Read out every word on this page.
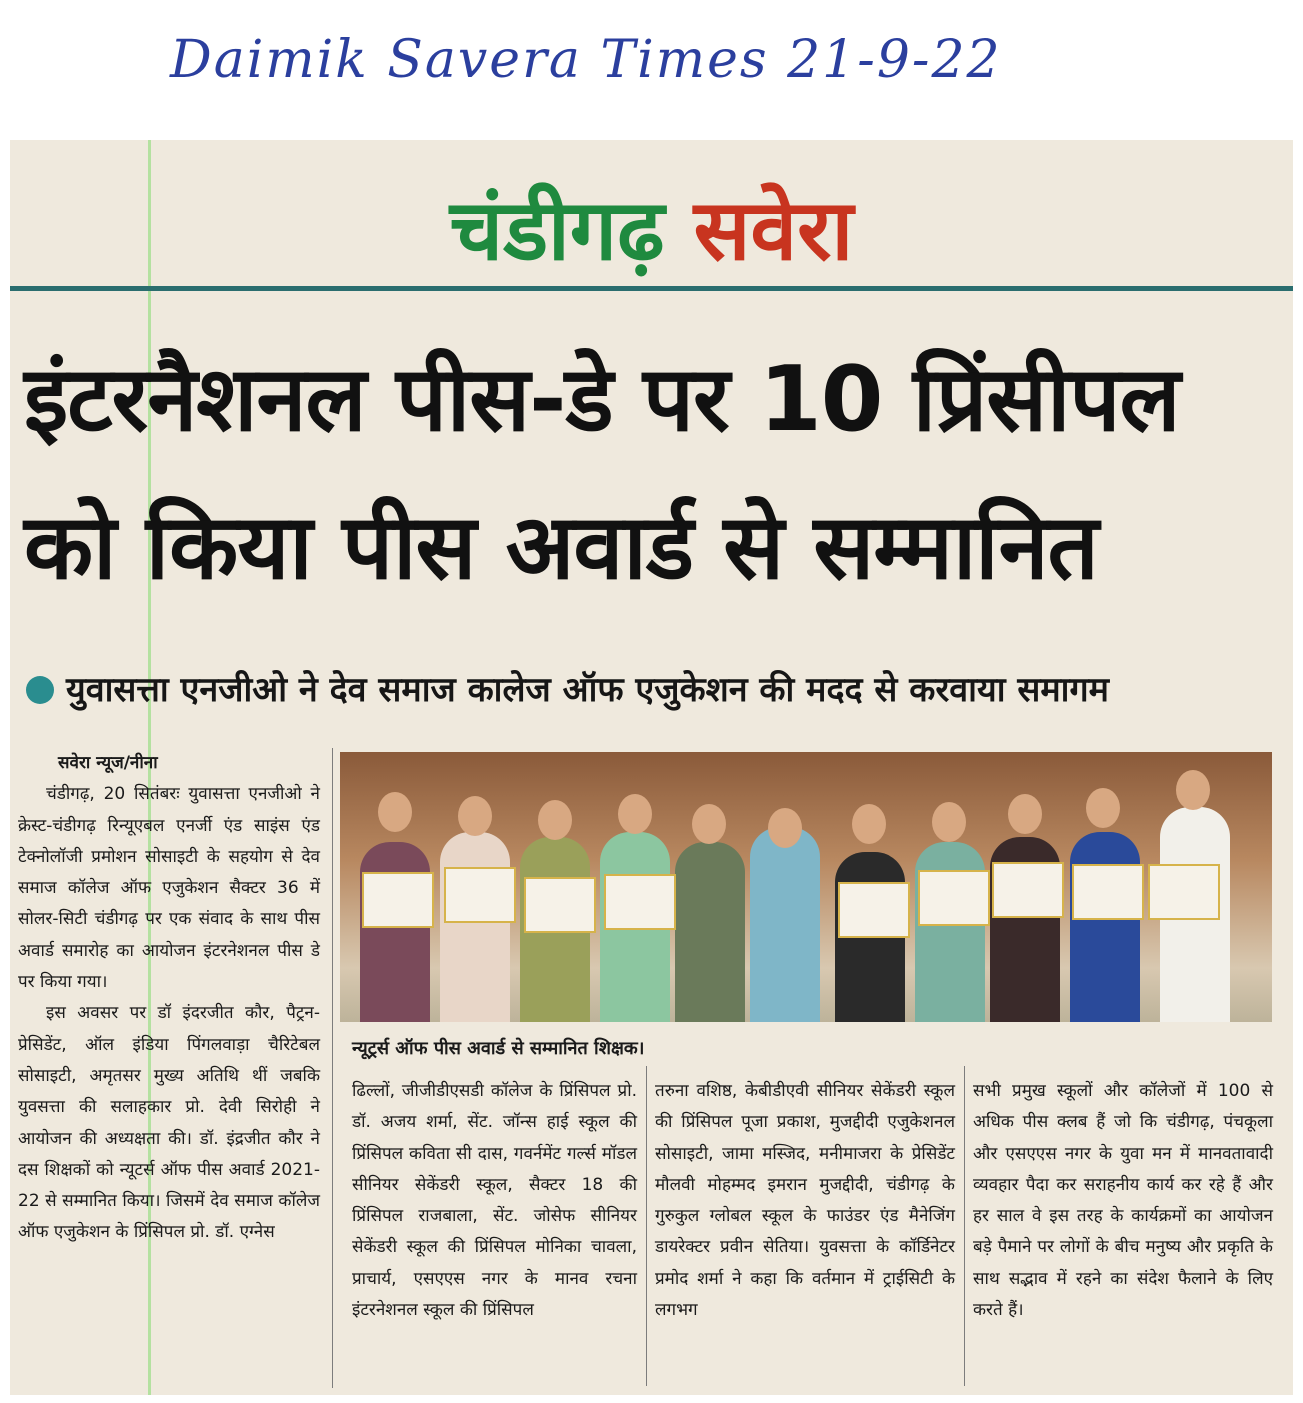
Daimik Savera Times 21-9-22
चंडीगढ़ सवेरा
इंटरनैशनल पीस-डे पर 10 प्रिंसीपल
को किया पीस अवार्ड से सम्मानित
युवासत्ता एनजीओ ने देव समाज कालेज ऑफ एजुकेशन की मदद से करवाया समागम

सवेरा न्यूज/नीना

चंडीगढ़, 20 सितंबरः युवासत्ता एनजीओ ने क्रेस्ट-चंडीगढ़ रिन्यूएबल एनर्जी एंड साइंस एंड टेक्नोलॉजी प्रमोशन सोसाइटी के सहयोग से देव समाज कॉलेज ऑफ एजुकेशन सैक्टर 36 में सोलर-सिटी चंडीगढ़ पर एक संवाद के साथ पीस अवार्ड समारोह का आयोजन इंटरनेशनल पीस डे पर किया गया।

इस अवसर पर डॉ इंदरजीत कौर, पैट्रन-प्रेसिडेंट, ऑल इंडिया पिंगलवाड़ा चैरिटेबल सोसाइटी, अमृतसर मुख्य अतिथि थीं जबकि युवसत्ता की सलाहकार प्रो. देवी सिरोही ने आयोजन की अध्यक्षता की। डॉ. इंद्रजीत कौर ने दस शिक्षकों को न्यूटर्स ऑफ पीस अवार्ड 2021-22 से सम्मानित किया। जिसमें देव समाज कॉलेज ऑफ एजुकेशन के प्रिंसिपल प्रो. डॉ. एग्नेस

न्यूट्रर्स ऑफ पीस अवार्ड से सम्मानित शिक्षक।

ढिल्लों, जीजीडीएसडी कॉलेज के प्रिंसिपल प्रो. डॉ. अजय शर्मा, सेंट. जॉन्स हाई स्कूल की प्रिंसिपल कविता सी दास, गवर्नमेंट गर्ल्स मॉडल सीनियर सेकेंडरी स्कूल, सैक्टर 18 की प्रिंसिपल राजबाला, सेंट. जोसेफ सीनियर सेकेंडरी स्कूल की प्रिंसिपल मोनिका चावला, प्राचार्य, एसएएस नगर के मानव रचना इंटरनेशनल स्कूल की प्रिंसिपल

तरुना वशिष्ठ, केबीडीएवी सीनियर सेकेंडरी स्कूल की प्रिंसिपल पूजा प्रकाश, मुजद्दीदी एजुकेशनल सोसाइटी, जामा मस्जिद, मनीमाजरा के प्रेसिडेंट मौलवी मोहम्मद इमरान मुजद्दीदी, चंडीगढ़ के गुरुकुल ग्लोबल स्कूल के फाउंडर एंड मैनेजिंग डायरेक्टर प्रवीन सेतिया। युवसत्ता के कॉर्डिनेटर प्रमोद शर्मा ने कहा कि वर्तमान में ट्राईसिटी के लगभग

सभी प्रमुख स्कूलों और कॉलेजों में 100 से अधिक पीस क्लब हैं जो कि चंडीगढ़, पंचकूला और एसएएस नगर के युवा मन में मानवतावादी व्यवहार पैदा कर सराहनीय कार्य कर रहे हैं और हर साल वे इस तरह के कार्यक्रमों का आयोजन बड़े पैमाने पर लोगों के बीच मनुष्य और प्रकृति के साथ सद्भाव में रहने का संदेश फैलाने के लिए करते हैं।
